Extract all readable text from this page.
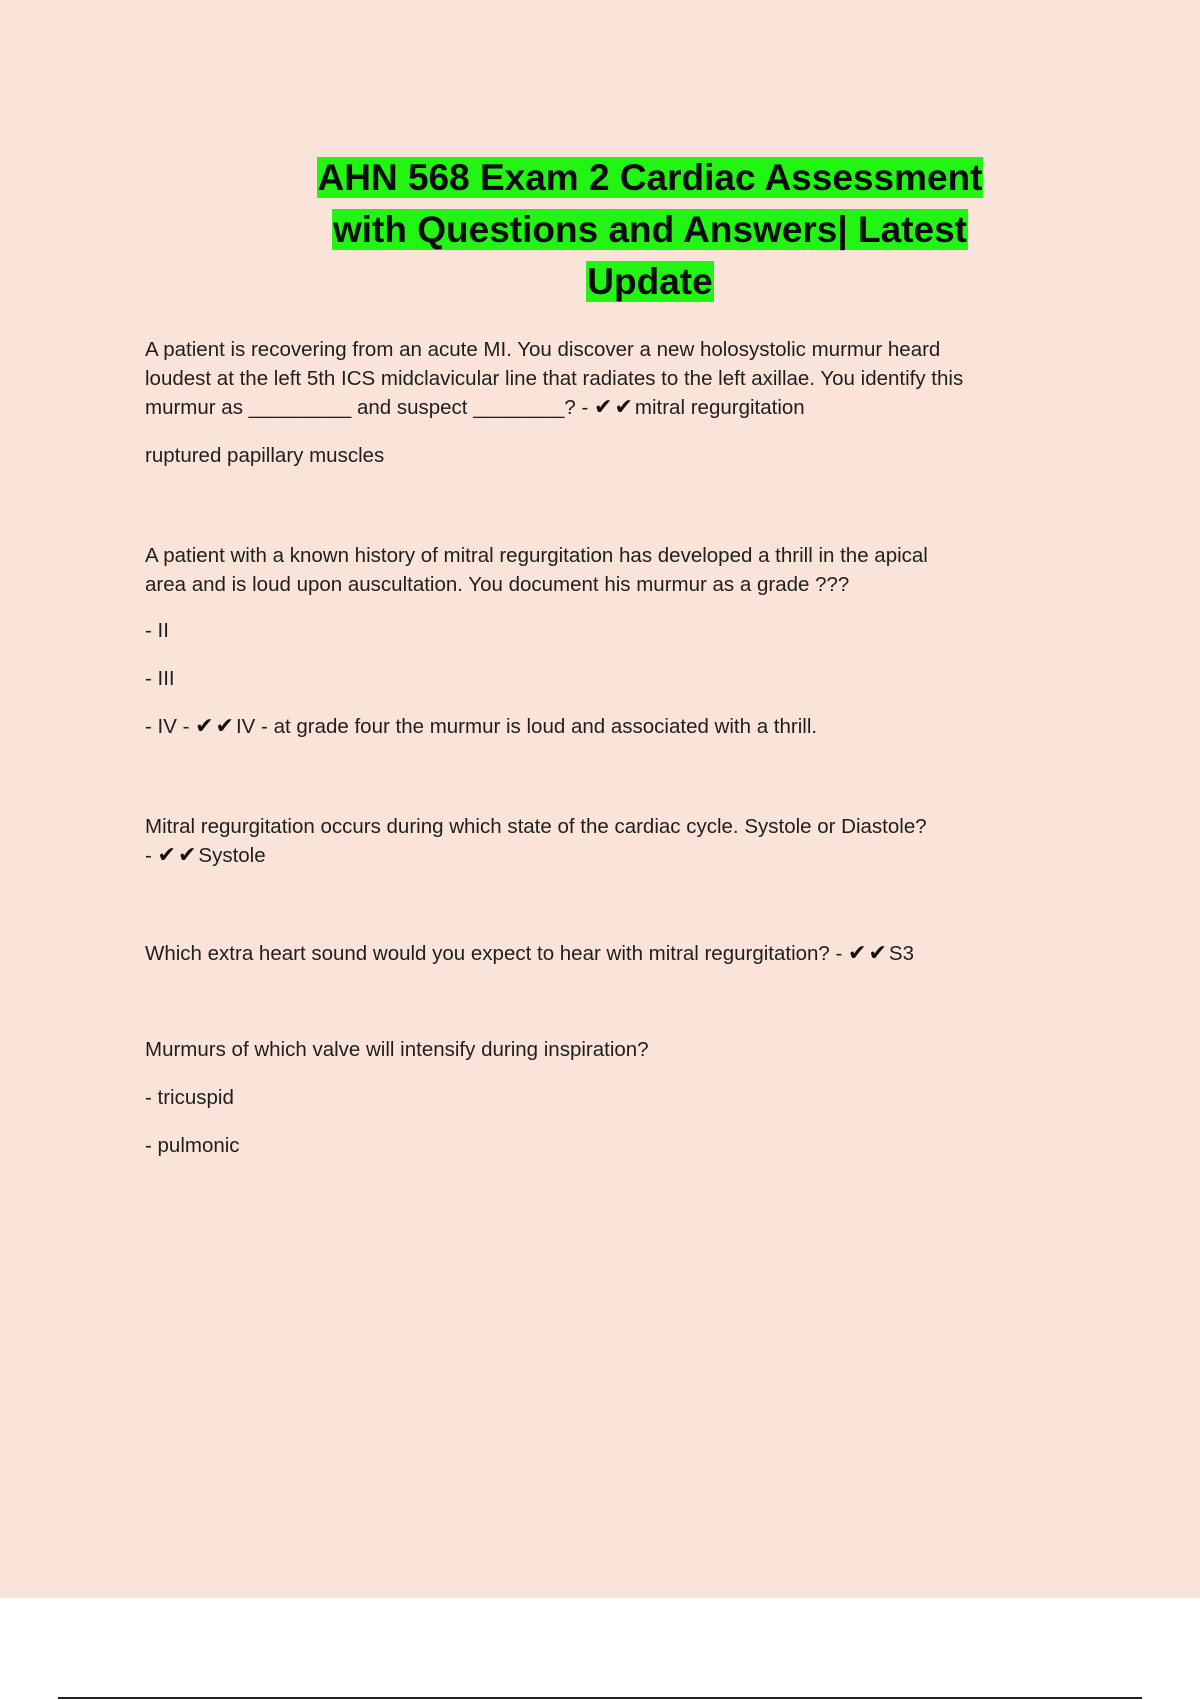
AHN 568 Exam 2 Cardiac Assessment
with Questions and Answers| Latest
Update

A patient is recovering from an acute MI. You discover a new holosystolic murmur heard
loudest at the left 5th ICS midclavicular line that radiates to the left axillae. You identify this
murmur as _________ and suspect ________? - ✔✔mitral regurgitation

ruptured papillary muscles

A patient with a known history of mitral regurgitation has developed a thrill in the apical
area and is loud upon auscultation. You document his murmur as a grade ???

- II

- III

- IV - ✔✔IV - at grade four the murmur is loud and associated with a thrill.

Mitral regurgitation occurs during which state of the cardiac cycle. Systole or Diastole?

- ✔✔Systole

Which extra heart sound would you expect to hear with mitral regurgitation? - ✔✔S3

Murmurs of which valve will intensify during inspiration?

- tricuspid

- pulmonic
